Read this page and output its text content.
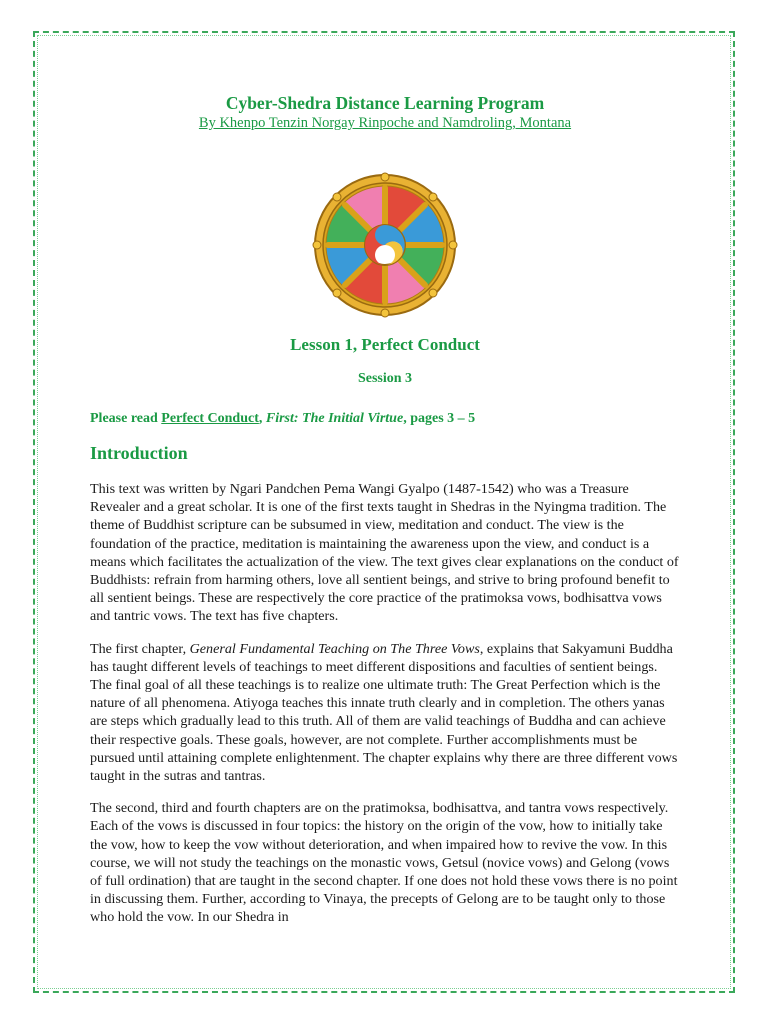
Cyber-Shedra Distance Learning Program

By Khenpo Tenzin Norgay Rinpoche and Namdroling, Montana

Lesson 1, Perfect Conduct

Session 3

Please read Perfect Conduct, First: The Initial Virtue, pages 3 – 5

Introduction

This text was written by Ngari Pandchen Pema Wangi Gyalpo (1487-1542) who was a Treasure Revealer and a great scholar. It is one of the first texts taught in Shedras in the Nyingma tradition. The theme of Buddhist scripture can be subsumed in view, meditation and conduct. The view is the foundation of the practice, meditation is maintaining the awareness upon the view, and conduct is a means which facilitates the actualization of the view. The text gives clear explanations on the conduct of Buddhists: refrain from harming others, love all sentient beings, and strive to bring profound benefit to all sentient beings. These are respectively the core practice of the pratimoksa vows, bodhisattva vows and tantric vows. The text has five chapters.

The first chapter, General Fundamental Teaching on The Three Vows, explains that Sakyamuni Buddha has taught different levels of teachings to meet different dispositions and faculties of sentient beings. The final goal of all these teachings is to realize one ultimate truth: The Great Perfection which is the nature of all phenomena. Atiyoga teaches this innate truth clearly and in completion. The others yanas are steps which gradually lead to this truth. All of them are valid teachings of Buddha and can achieve their respective goals. These goals, however, are not complete. Further accomplishments must be pursued until attaining complete enlightenment. The chapter explains why there are three different vows taught in the sutras and tantras.

The second, third and fourth chapters are on the pratimoksa, bodhisattva, and tantra vows respectively. Each of the vows is discussed in four topics: the history on the origin of the vow, how to initially take the vow, how to keep the vow without deterioration, and when impaired how to revive the vow. In this course, we will not study the teachings on the monastic vows, Getsul (novice vows) and Gelong (vows of full ordination) that are taught in the second chapter. If one does not hold these vows there is no point in discussing them. Further, according to Vinaya, the precepts of Gelong are to be taught only to those who hold the vow. In our Shedra in
